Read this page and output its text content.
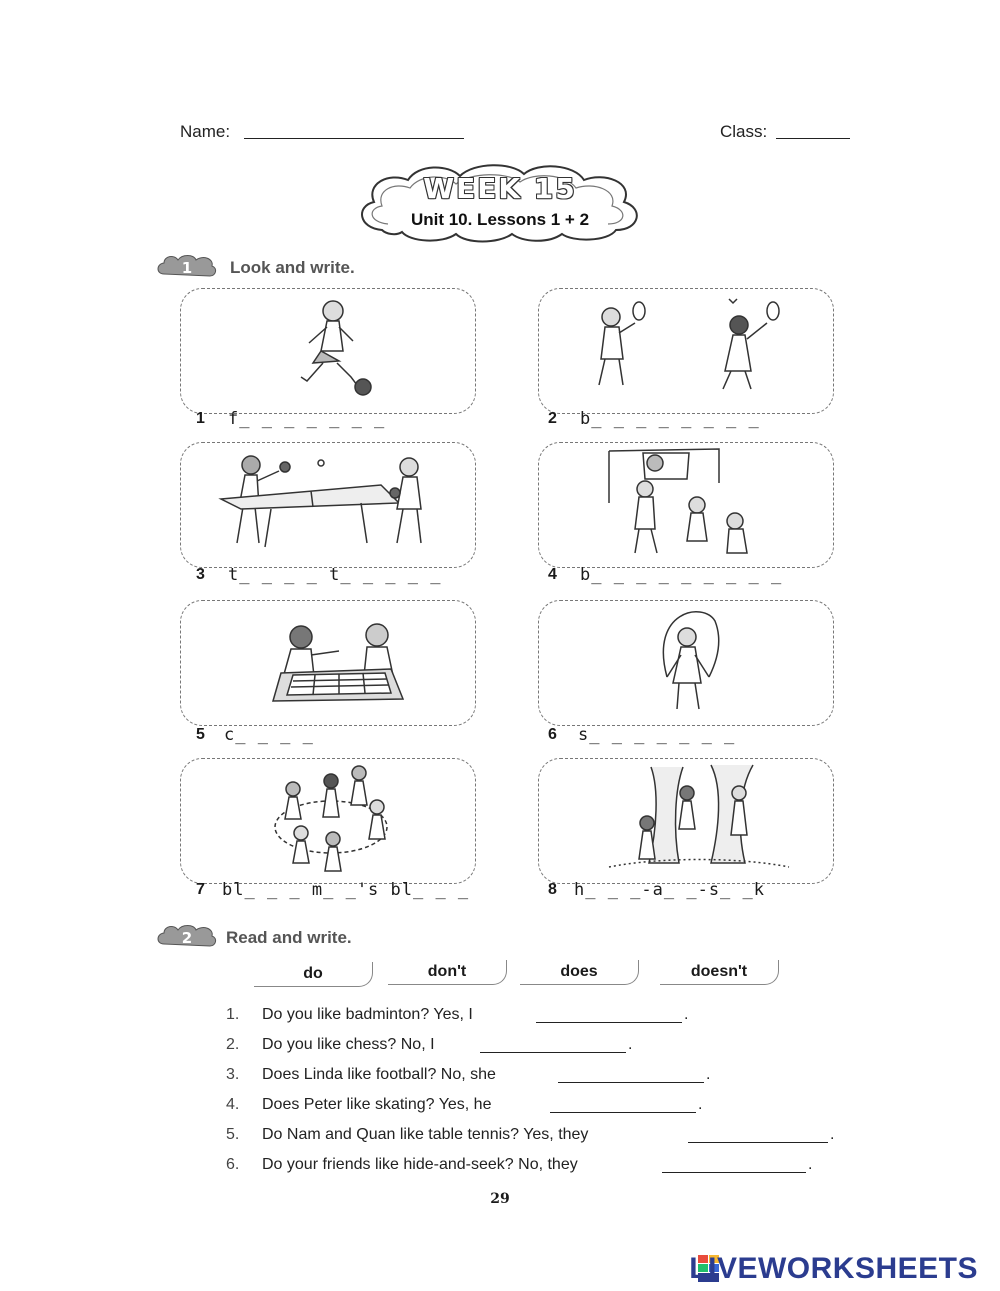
Name:	Class:
WEEK 15
Unit 10. Lessons 1 + 2
1 Look and write.
1 f_ _ _ _ _ _ _	2 b_ _ _ _ _ _ _ _
3 t_ _ _ _ t_ _ _ _ _	4 b_ _ _ _ _ _ _ _ _
5 c_ _ _ _	6 s_ _ _ _ _ _ _
7 bl_ _ _ m_ _'s bl_ _ _	8 h_ _ _-a_ _-s_ _k
2 Read and write.
do	don't	does	doesn't
1.	Do you like badminton? Yes, I	.
2.	Do you like chess? No, I	.
3.	Does Linda like football? No, she	.
4.	Does Peter like skating? Yes, he	.
5.	Do Nam and Quan like table tennis? Yes, they	.
6.	Do your friends like hide-and-seek? No, they	.
29
LIVEWORKSHEETS
